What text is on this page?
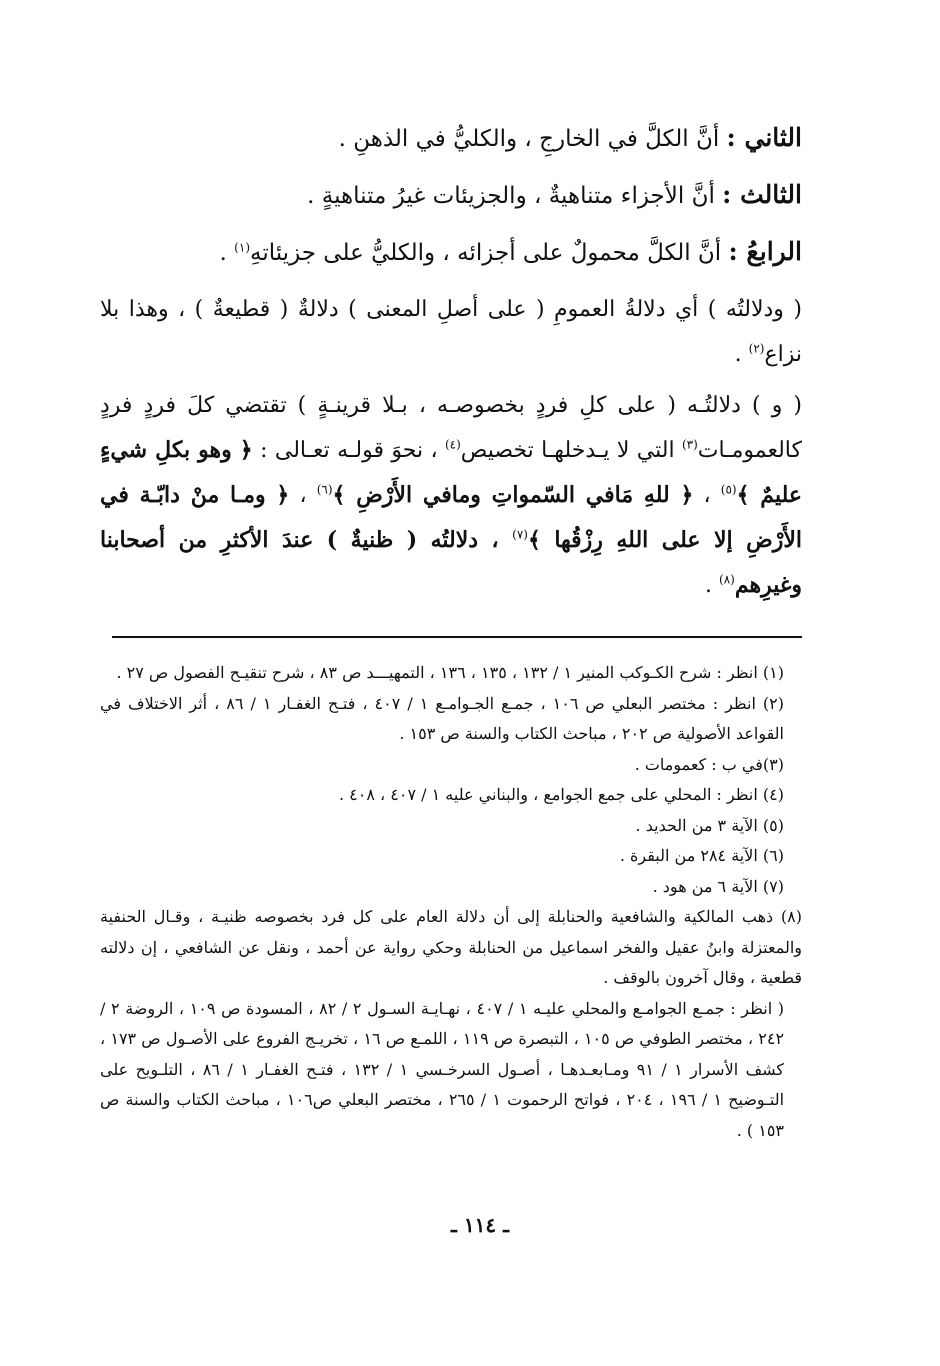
الثاني : أنَّ الكلَّ في الخارجِ ، والكليُّ في الذهنِ .

الثالث : أنَّ الأجزاء متناهيةٌ ، والجزيئات غيرُ متناهيةٍ .

الرابعُ : أنَّ الكلَّ محمولٌ على أجزائه ، والكليُّ على جزيئاتهِ$^{(١)}$ .

( ودلالتُه ) أي دلالةُ العمومِ ( على أصلِ المعنى ) دلالةٌ ( قطيعةٌ ) ، وهذا بلا نزاع$^{(٢)}$ .

( و ) دلالتُـه ( على كلِ فردٍ بخصوصـه ، بـلا قرينـةٍ ) تقتضي كلَ فردٍ فردٍ كالعمومـات$^{(٣)}$ التي لا يـدخلهـا تخصيص$^{(٤)}$ ، نحوَ قولـه تعـالى : ﴿ وهو بكلِ شيءٍ عليمٌ ﴾$^{(٥)}$ ، ﴿ للهِ مَافي السّمواتِ ومافي الأَرْضِ ﴾$^{(٦)}$ ، ﴿ ومـا منْ دابّـة في الأَرْضِ إلا على اللهِ رِزْقُها ﴾$^{(٧)}$ ، دلالتُه ( ظنيةٌ ) عندَ الأكثرِ من أصحابنا وغيرِهم$^{(٨)}$ .

(١) انظر : شرح الكـوكب المنير ١ / ١٣٢ ، ١٣٥ ، ١٣٦ ، التمهيـــد ص ٨٣ ، شرح تنقيـح الفصول ص ٢٧ .

(٢) انظر : مختصر البعلي ص ١٠٦ ، جمـع الجـوامـع ١ / ٤٠٧ ، فتـح الغفـار ١ / ٨٦ ، أثر الاختلاف في القواعد الأصولية ص ٢٠٢ ، مباحث الكتاب والسنة ص ١٥٣ .

(٣)في ب : كعمومات .

(٤) انظر : المحلي على جمع الجوامع ، والبناني عليه ١ / ٤٠٧ ، ٤٠٨ .

(٥) الآية ٣ من الحديد .

(٦) الآية ٢٨٤ من البقرة .

(٧) الآية ٦ من هود .

(٨) ذهب المالكية والشافعية والحنابلة إلى أن دلالة العام على كل فرد بخصوصه ظنيـة ، وقـال الحنفية والمعتزلة وابنُ عقيل والفخر اسماعيل من الحنابلة وحكي رواية عن أحمد ، ونقل عن الشافعي ، إن دلالته قطعية ، وقال آخرون بالوقف .

( انظر : جمـع الجوامـع والمحلي عليـه ١ / ٤٠٧ ، نهـايـة السـول ٢ / ٨٢ ، المسودة ص ١٠٩ ، الروضة ٢ / ٢٤٢ ، مختصر الطوفي ص ١٠٥ ، التبصرة ص ١١٩ ، اللمـع ص ١٦ ، تخريـج الفروع على الأصـول ص ١٧٣ ، كشف الأسرار ١ / ٩١ ومـابعـدهـا ، أصـول السرخـسي ١ / ١٣٢ ، فتـح الغفـار ١ / ٨٦ ، التلـويح على التـوضيح ١ / ١٩٦ ، ٢٠٤ ، فواتح الرحموت ١ / ٢٦٥ ، مختصر البعلي ص١٠٦ ، مباحث الكتاب والسنة ص ١٥٣ ) .

ـ ١١٤ ـ
